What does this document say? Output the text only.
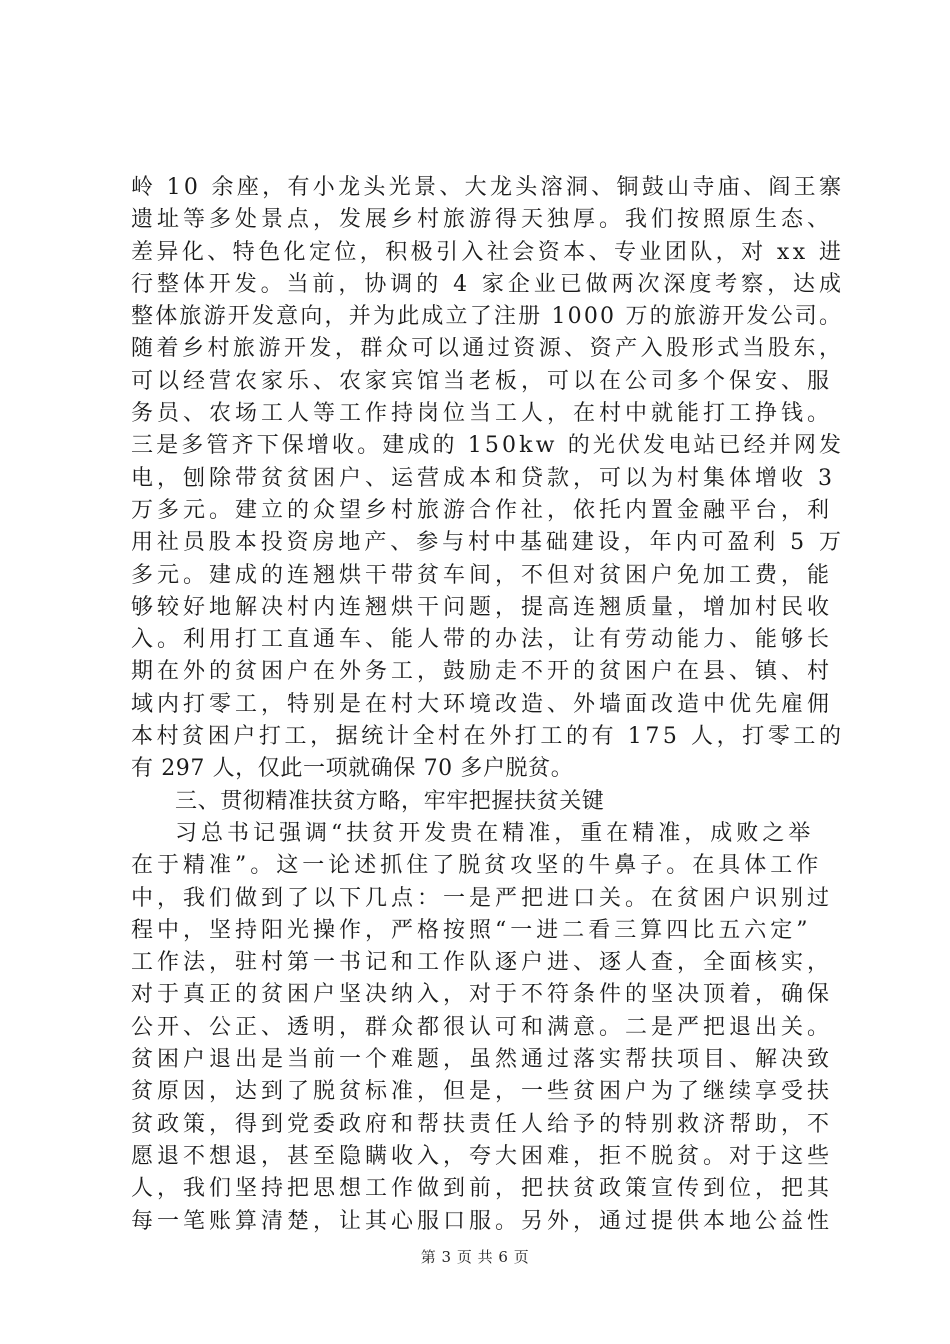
岭 10 余座，有小龙头光景、大龙头溶洞、铜鼓山寺庙、阎王寨
遗址等多处景点，发展乡村旅游得天独厚。我们按照原生态、
差异化、特色化定位，积极引入社会资本、专业团队，对 xx 进
行整体开发。当前，协调的 4 家企业已做两次深度考察，达成
整体旅游开发意向，并为此成立了注册 1000 万的旅游开发公司。
随着乡村旅游开发，群众可以通过资源、资产入股形式当股东，
可以经营农家乐、农家宾馆当老板，可以在公司多个保安、服
务员、农场工人等工作持岗位当工人，在村中就能打工挣钱。
三是多管齐下保增收。建成的 150kw 的光伏发电站已经并网发
电，刨除带贫贫困户、运营成本和贷款，可以为村集体增收 3
万多元。建立的众望乡村旅游合作社，依托内置金融平台，利
用社员股本投资房地产、参与村中基础建设，年内可盈利 5 万
多元。建成的连翘烘干带贫车间，不但对贫困户免加工费，能
够较好地解决村内连翘烘干问题，提高连翘质量，增加村民收
入。利用打工直通车、能人带的办法，让有劳动能力、能够长
期在外的贫困户在外务工，鼓励走不开的贫困户在县、镇、村
域内打零工，特别是在村大环境改造、外墙面改造中优先雇佣
本村贫困户打工，据统计全村在外打工的有 175 人，打零工的
有 297 人，仅此一项就确保 70 多户脱贫。
三、贯彻精准扶贫方略，牢牢把握扶贫关键
习总书记强调“扶贫开发贵在精准，重在精准，成败之举
在于精准”。这一论述抓住了脱贫攻坚的牛鼻子。在具体工作
中，我们做到了以下几点：一是严把进口关。在贫困户识别过
程中，坚持阳光操作，严格按照“一进二看三算四比五六定”
工作法，驻村第一书记和工作队逐户进、逐人查，全面核实，
对于真正的贫困户坚决纳入，对于不符条件的坚决顶着，确保
公开、公正、透明，群众都很认可和满意。二是严把退出关。
贫困户退出是当前一个难题，虽然通过落实帮扶项目、解决致
贫原因，达到了脱贫标准，但是，一些贫困户为了继续享受扶
贫政策，得到党委政府和帮扶责任人给予的特别救济帮助，不
愿退不想退，甚至隐瞒收入，夸大困难，拒不脱贫。对于这些
人，我们坚持把思想工作做到前，把扶贫政策宣传到位，把其
每一笔账算清楚，让其心服口服。另外，通过提供本地公益性
第 3 页 共 6 页
